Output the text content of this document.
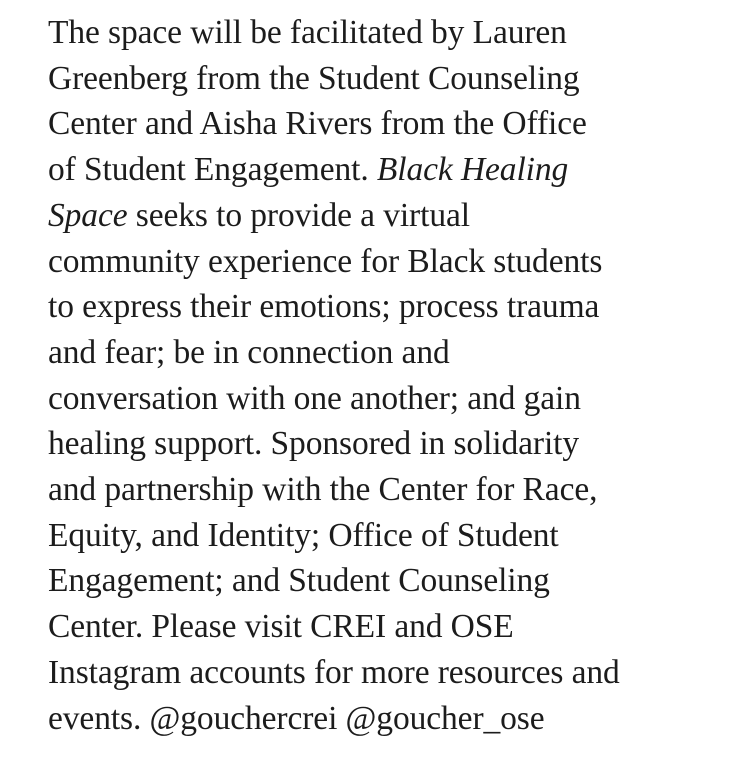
The space will be facilitated by Lauren
Greenberg from the Student Counseling
Center and Aisha Rivers from the Office
of Student Engagement. Black Healing
Space seeks to provide a virtual
community experience for Black students
to express their emotions; process trauma
and fear; be in connection and
conversation with one another; and gain
healing support. Sponsored in solidarity
and partnership with the Center for Race,
Equity, and Identity; Office of Student
Engagement; and Student Counseling
Center. Please visit CREI and OSE
Instagram accounts for more resources and
events. @gouchercrei @goucher_ose
